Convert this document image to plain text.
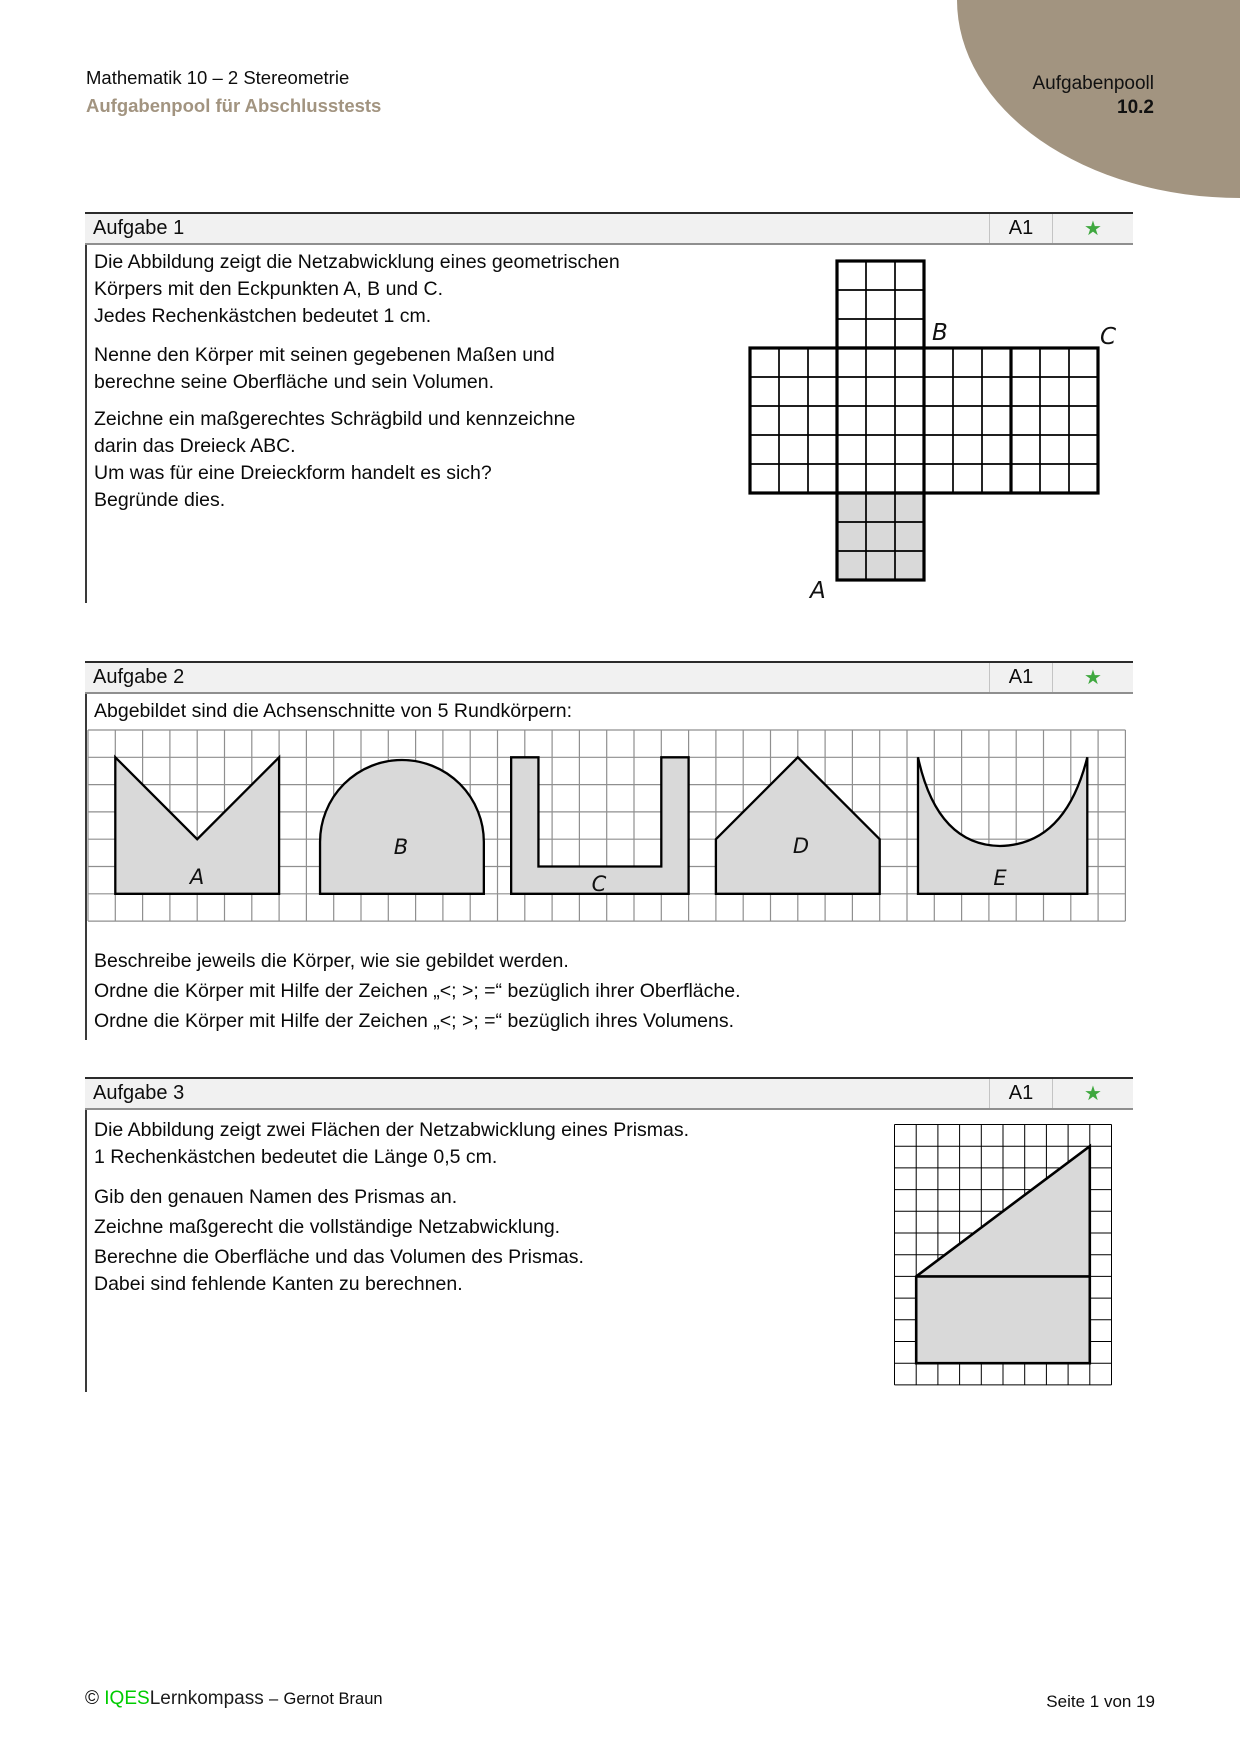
Aufgabenpooll
10.2
Mathematik 10 – 2 Stereometrie
Aufgabenpool für Abschlusstests
Aufgabe 1	A1	★
Die Abbildung zeigt die Netzabwicklung eines geometrischen
Körpers mit den Eckpunkten A, B und C.
Jedes Rechenkästchen bedeutet 1 cm.
Nenne den Körper mit seinen gegebenen Maßen und
berechne seine Oberfläche und sein Volumen.
Zeichne ein maßgerechtes Schrägbild und kennzeichne
darin das Dreieck ABC.
Um was für eine Dreieckform handelt es sich?
Begründe dies.
B	C
A
Aufgabe 2	A1	★
Abgebildet sind die Achsenschnitte von 5 Rundkörpern:
A
B
C
D
E
Beschreibe jeweils die Körper, wie sie gebildet werden.
Ordne die Körper mit Hilfe der Zeichen „<; >; =“ bezüglich ihrer Oberfläche.
Ordne die Körper mit Hilfe der Zeichen „<; >; =“ bezüglich ihres Volumens.
Aufgabe 3	A1	★
Die Abbildung zeigt zwei Flächen der Netzabwicklung eines Prismas.
1 Rechenkästchen bedeutet die Länge 0,5 cm.
Gib den genauen Namen des Prismas an.
Zeichne maßgerecht die vollständige Netzabwicklung.
Berechne die Oberfläche und das Volumen des Prismas.
Dabei sind fehlende Kanten zu berechnen.
© IQESLernkompass – Gernot Braun	Seite 1 von 19
